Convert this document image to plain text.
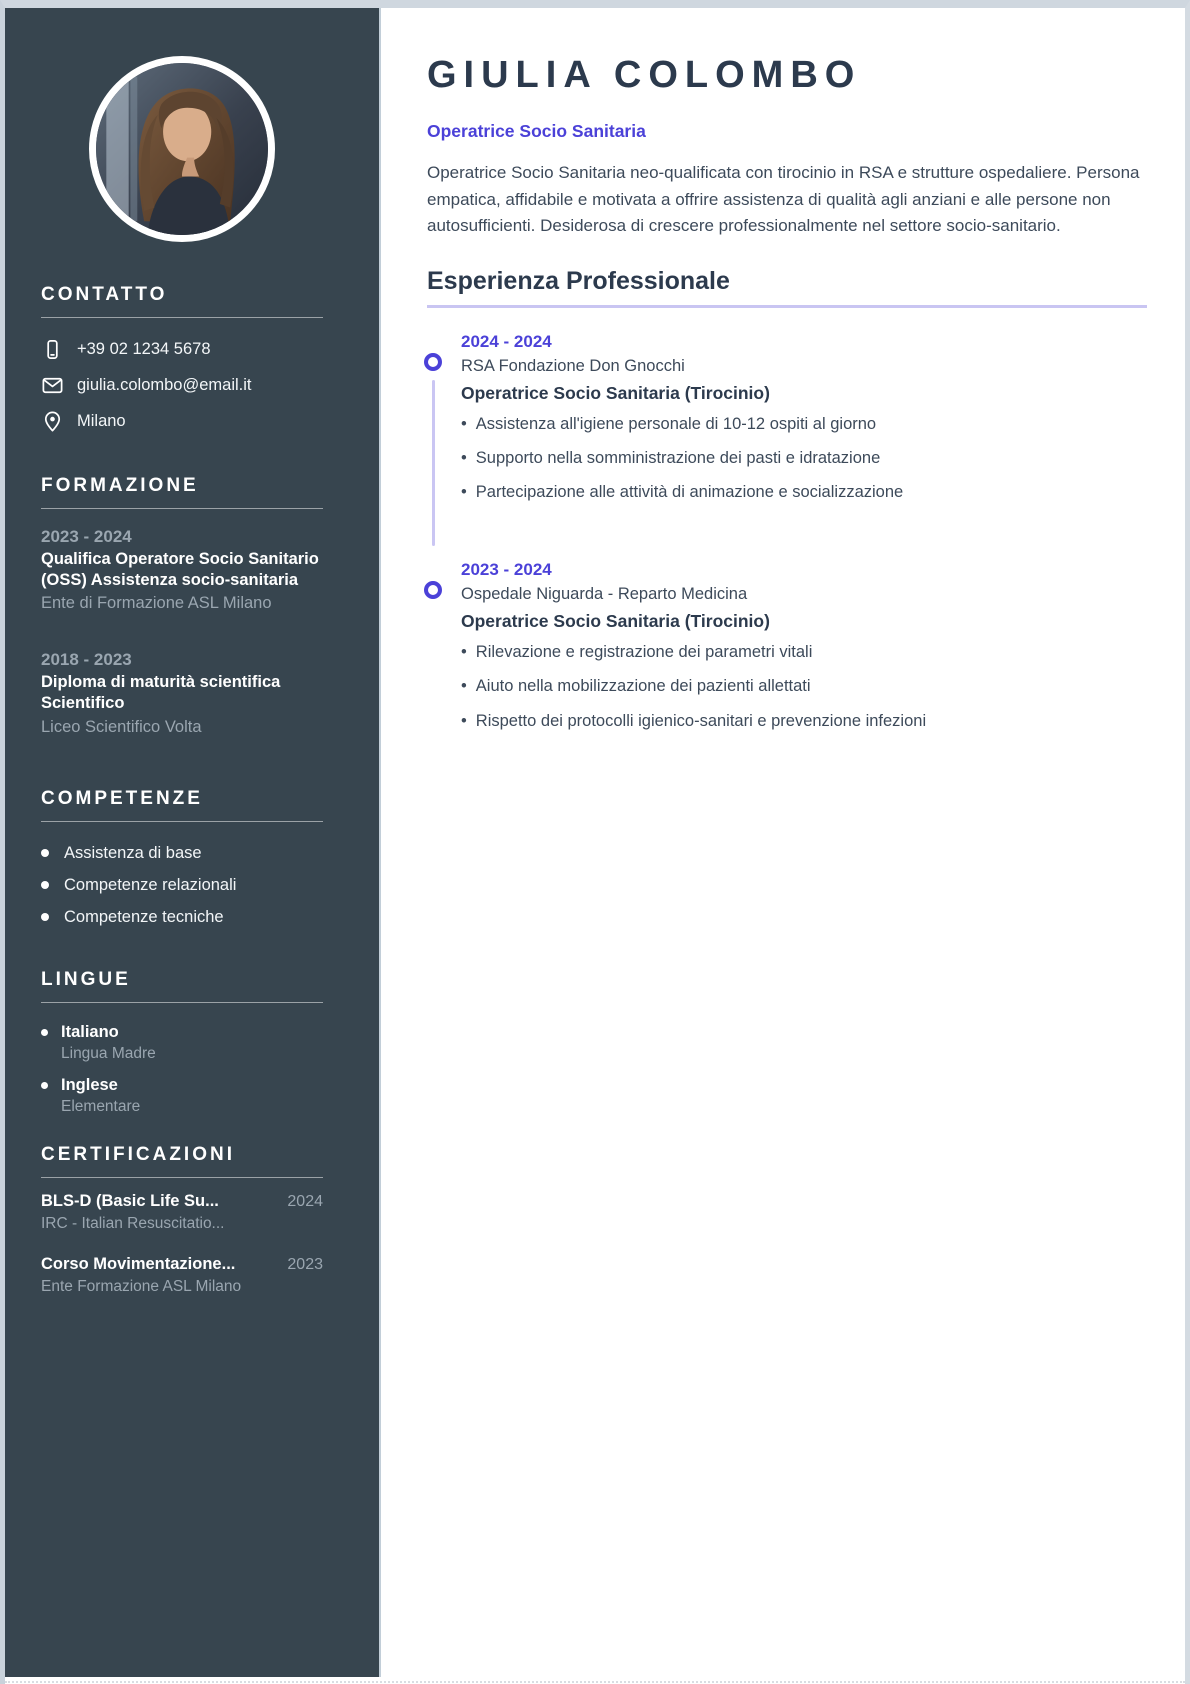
CONTATTO
+39 02 1234 5678
giulia.colombo@email.it
Milano
FORMAZIONE
2023 - 2024
Qualifica Operatore Socio Sanitario (OSS) Assistenza socio-sanitaria
Ente di Formazione ASL Milano
2018 - 2023
Diploma di maturità scientifica Scientifico
Liceo Scientifico Volta
COMPETENZE
Assistenza di base
Competenze relazionali
Competenze tecniche
LINGUE
Italiano
Lingua Madre
Inglese
Elementare
CERTIFICAZIONI
BLS-D (Basic Life Su...	2024
IRC - Italian Resuscitatio...
Corso Movimentazione...	2023
Ente Formazione ASL Milano
GIULIA COLOMBO
Operatrice Socio Sanitaria

Operatrice Socio Sanitaria neo-qualificata con tirocinio in RSA e strutture ospedaliere. Persona empatica, affidabile e motivata a offrire assistenza di qualità agli anziani e alle persone non autosufficienti. Desiderosa di crescere professionalmente nel settore socio-sanitario.

Esperienza Professionale
2024 - 2024
RSA Fondazione Don Gnocchi
Operatrice Socio Sanitaria (Tirocinio)
• Assistenza all'igiene personale di 10-12 ospiti al giorno
• Supporto nella somministrazione dei pasti e idratazione
• Partecipazione alle attività di animazione e socializzazione
2023 - 2024
Ospedale Niguarda - Reparto Medicina
Operatrice Socio Sanitaria (Tirocinio)
• Rilevazione e registrazione dei parametri vitali
• Aiuto nella mobilizzazione dei pazienti allettati
• Rispetto dei protocolli igienico-sanitari e prevenzione infezioni
